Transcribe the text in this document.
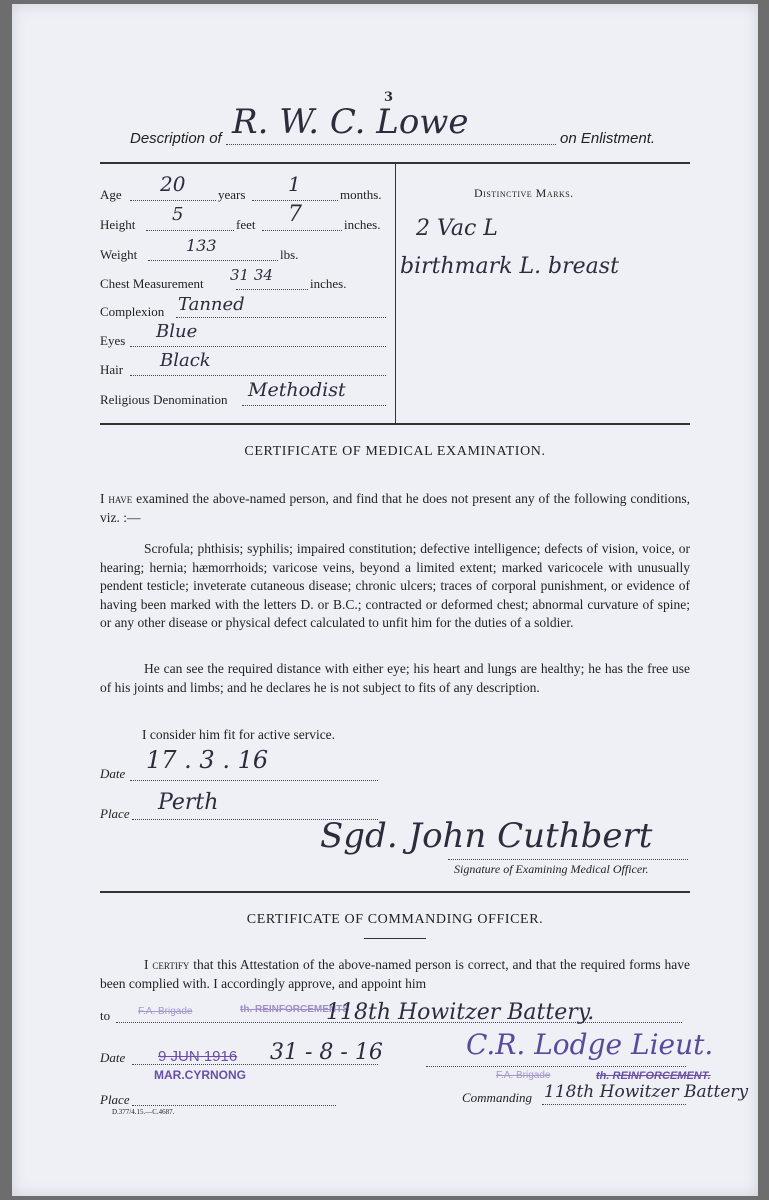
3
Description of R. W. C. Lowe	on Enlistment.
Age 20	years 1	months.
Height 5	feet 7	inches.
Weight	133	lbs.
Chest Measurement 31 34	inches.
Complexion Tanned
Eyes Blue
Hair Black
Religious Denomination Methodist
Distinctive Marks.
2 Vac L
birthmark L. breast
CERTIFICATE OF MEDICAL EXAMINATION.
I have examined the above-named person, and find that he does not present any of the following conditions, viz. :—
Scrofula; phthisis; syphilis; impaired constitution; defective intelligence; defects of vision, voice, or hearing; hernia; hæmorrhoids; varicose veins, beyond a limited extent; marked varicocele with unusually pendent testicle; inveterate cutaneous disease; chronic ulcers; traces of corporal punishment, or evidence of having been marked with the letters D. or B.C.; contracted or deformed chest; abnormal curvature of spine; or any other disease or physical defect calculated to unfit him for the duties of a soldier.
He can see the required distance with either eye; his heart and lungs are healthy; he has the free use of his joints and limbs; and he declares he is not subject to fits of any description.
I consider him fit for active service.
Date 17 . 3 . 16
Place Perth
Sgd. John Cuthbert
Signature of Examining Medical Officer.
CERTIFICATE OF COMMANDING OFFICER.
I certify that this Attestation of the above-named person is correct, and that the required forms have been complied with. I accordingly approve, and appoint him
to	F.A. Brigade	th. REINFORCEMENTS
118th Howitzer Battery.
Date 9 JUN 1916
MAR.CYRNONG
31 - 8 - 16
Place
C.R. Lodge Lieut.
F.A. Brigade	th. REINFORCEMENT.
Commanding 118th Howitzer Battery
D.377/4.15.—C.4687.
